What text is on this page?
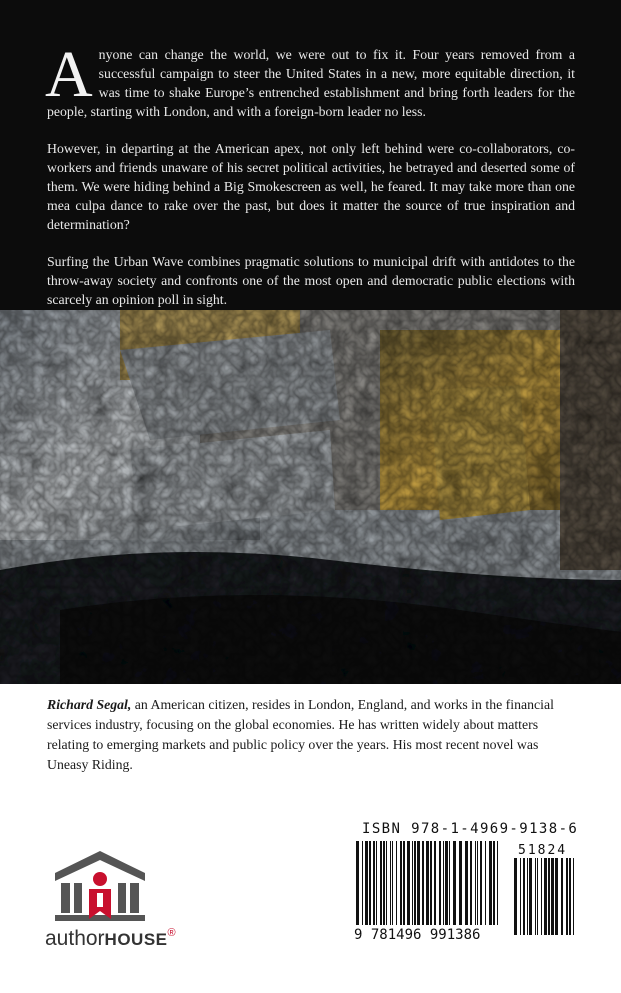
Anyone can change the world, we were out to fix it. Four years removed from a successful campaign to steer the United States in a new, more equitable direction, it was time to shake Europe’s entrenched establishment and bring forth leaders for the people, starting with London, and with a foreign-born leader no less.

However, in departing at the American apex, not only left behind were co-collaborators, co-workers and friends unaware of his secret political activities, he betrayed and deserted some of them. We were hiding behind a Big Smokescreen as well, he feared. It may take more than one mea culpa dance to rake over the past, but does it matter the source of true inspiration and determination?

Surfing the Urban Wave combines pragmatic solutions to municipal drift with antidotes to the throw-away society and confronts one of the most open and democratic public elections with scarcely an opinion poll in sight.

Richard Segal, an American citizen, resides in London, England, and works in the financial services industry, focusing on the global economies. He has written widely about matters relating to emerging markets and public policy over the years. His most recent novel was Uneasy Riding.
ISBN 978-1-4969-9138-6
9 781496 991386
51824
authorHOUSE®
